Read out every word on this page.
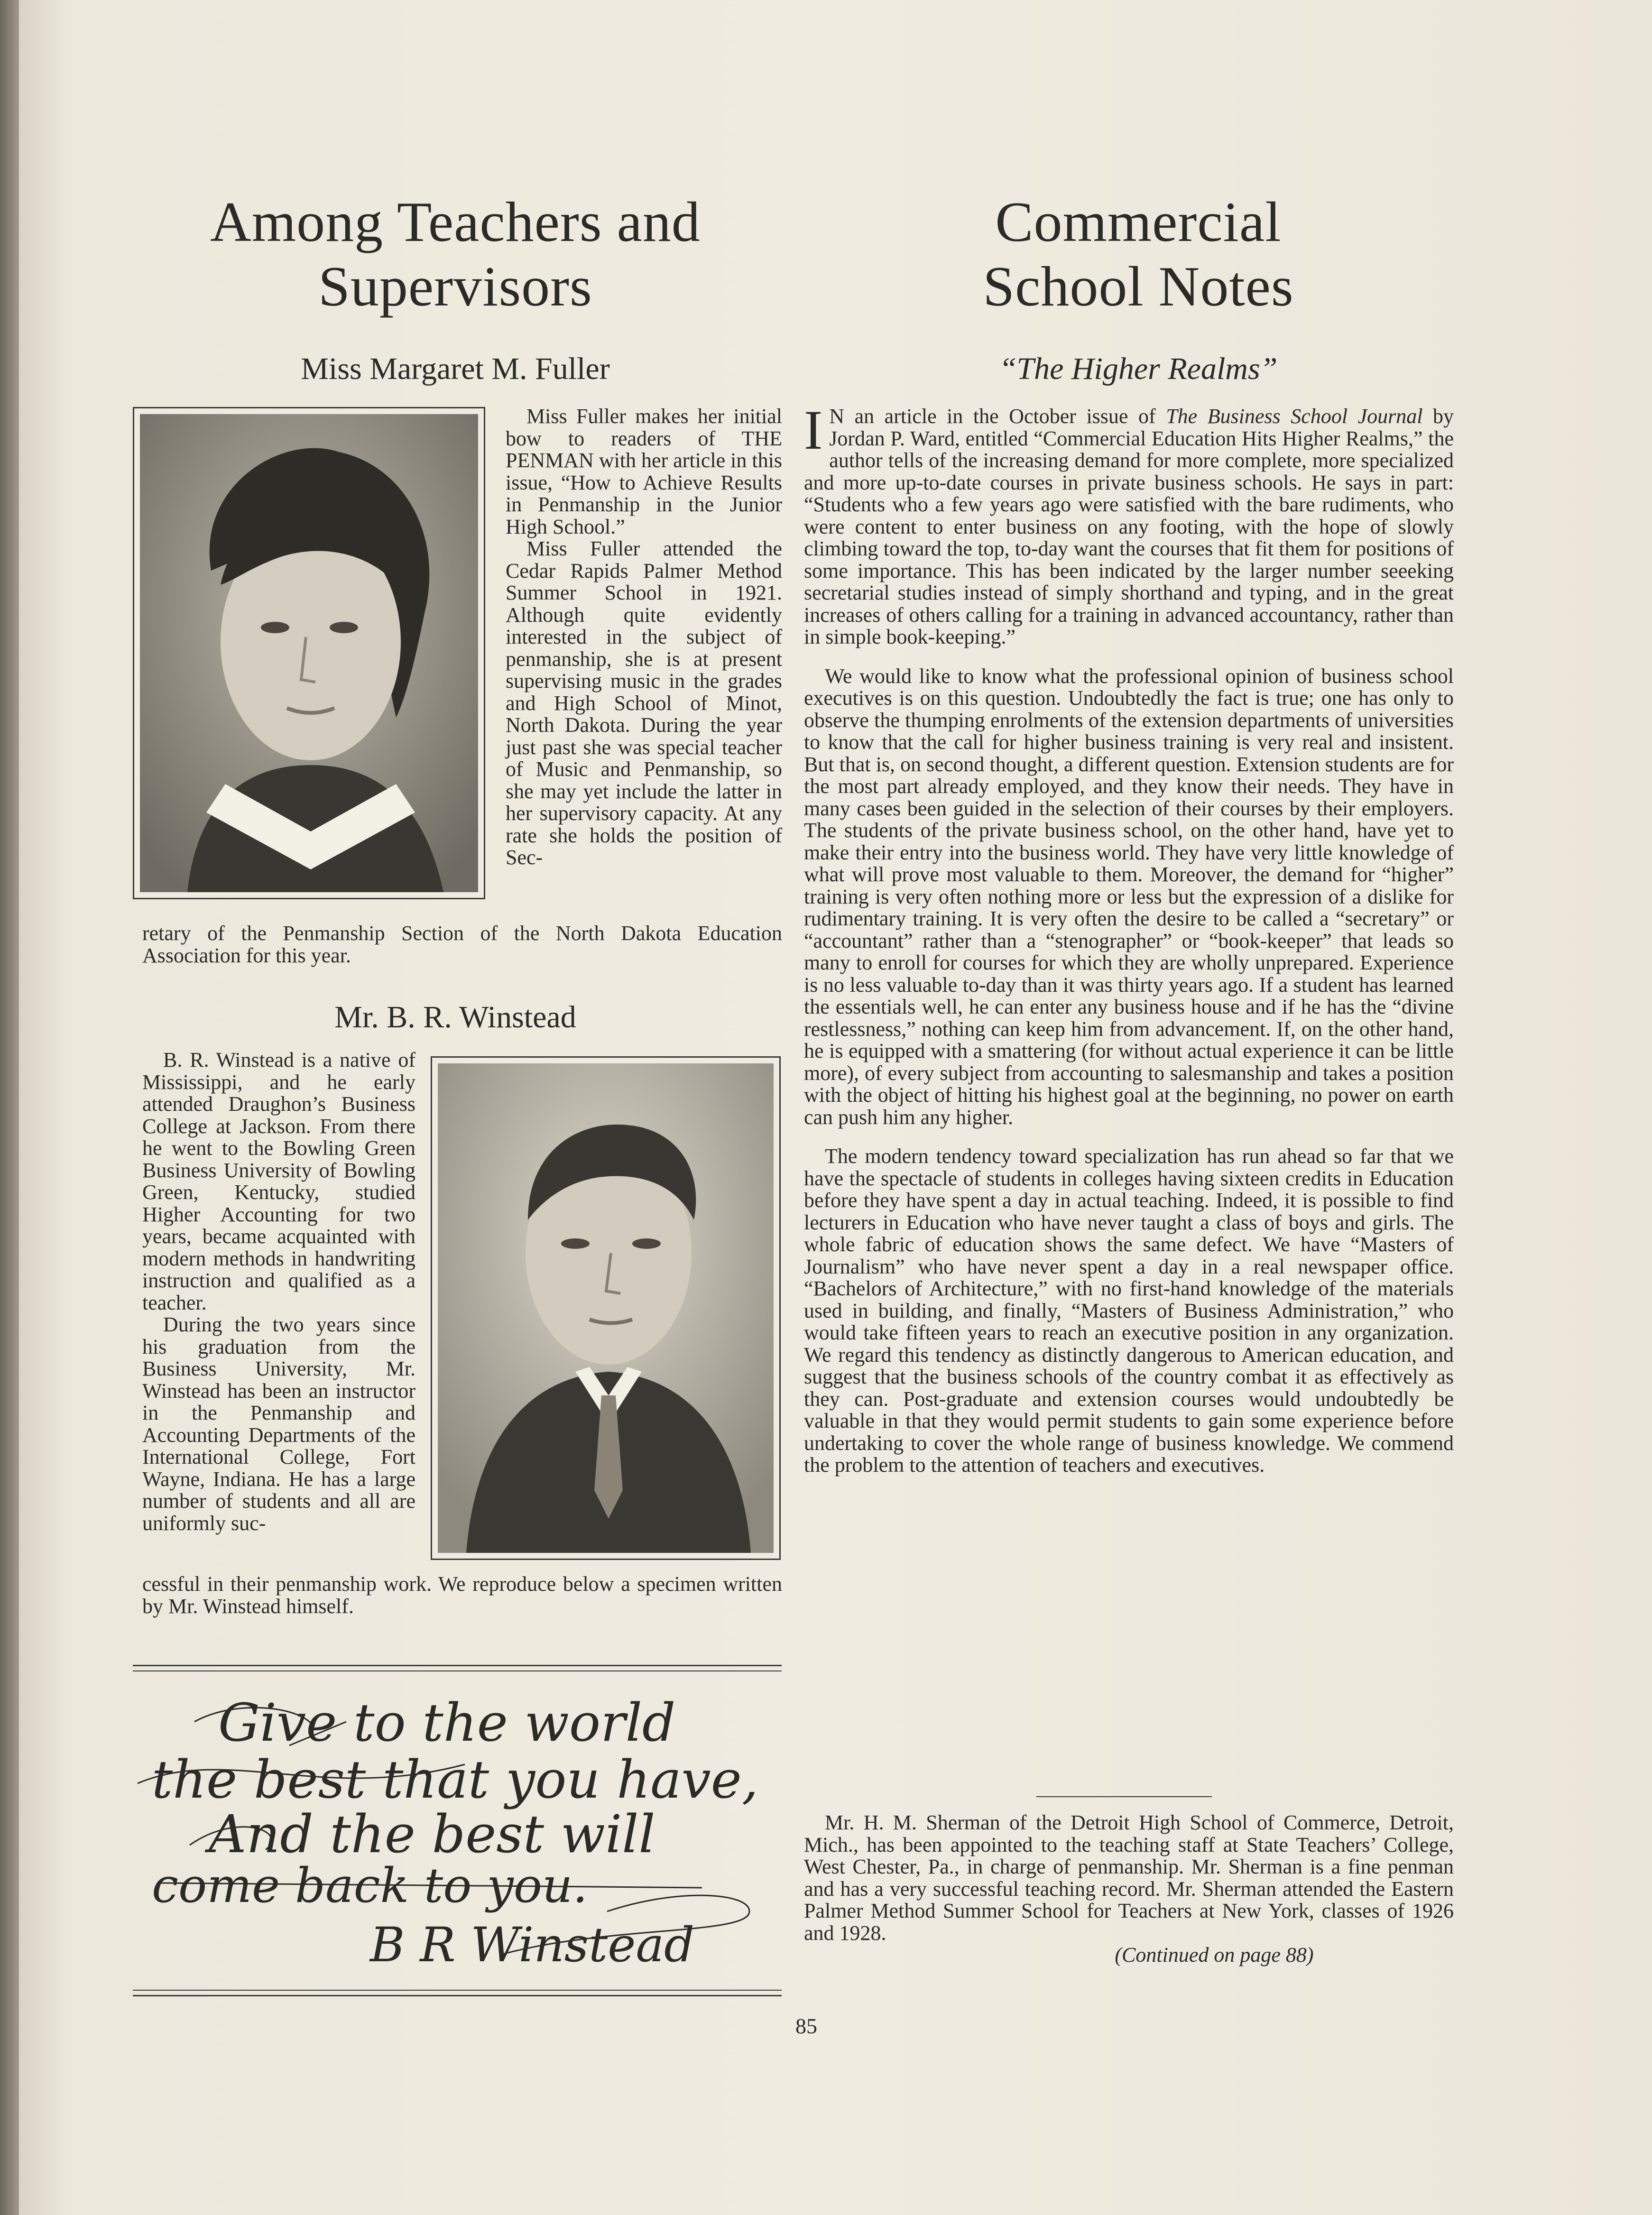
Among Teachers and
Supervisors
Miss Margaret M. Fuller

Miss Fuller makes her initial bow to readers of THE PENMAN with her article in this issue, “How to Achieve Results in Penmanship in the Junior High School.”

Miss Fuller attended the Cedar Rapids Palmer Method Summer School in 1921. Although quite evidently interested in the subject of penmanship, she is at present supervising music in the grades and High School of Minot, North Dakota. During the year just past she was special teacher of Music and Penmanship, so she may yet include the latter in her supervisory capacity. At any rate she holds the position of Sec-

retary of the Penmanship Section of the North Dakota Education Association for this year.

Mr. B. R. Winstead

B. R. Winstead is a native of Mississippi, and he early attended Draughon’s Business College at Jackson. From there he went to the Bowling Green Business University of Bowling Green, Kentucky, studied Higher Accounting for two years, became acquainted with modern methods in handwriting instruction and qualified as a teacher.

During the two years since his graduation from the Business University, Mr. Winstead has been an instructor in the Penmanship and Accounting Departments of the International College, Fort Wayne, Indiana. He has a large number of students and all are uniformly suc-

cessful in their penmanship work. We reproduce below a specimen written by Mr. Winstead himself.

Give to the world
the best that you have,
And the best will
come back to you.
B R Winstead
Commercial
School Notes
“The Higher Realms”

I N an article in the October issue of The Business School Journal by Jordan P. Ward, entitled “Commercial Education Hits Higher Realms,” the author tells of the increasing demand for more complete, more specialized and more up-to-date courses in private business schools. He says in part: “Students who a few years ago were satisfied with the bare rudiments, who were content to enter business on any footing, with the hope of slowly climbing toward the top, to-day want the courses that fit them for positions of some importance. This has been indicated by the larger number seeeking secretarial studies instead of simply shorthand and typing, and in the great increases of others calling for a training in advanced accountancy, rather than in simple book-keeping.”

We would like to know what the professional opinion of business school executives is on this question. Undoubtedly the fact is true; one has only to observe the thumping enrolments of the extension departments of universities to know that the call for higher business training is very real and insistent. But that is, on second thought, a different question. Extension students are for the most part already employed, and they know their needs. They have in many cases been guided in the selection of their courses by their employers. The students of the private business school, on the other hand, have yet to make their entry into the business world. They have very little knowledge of what will prove most valuable to them. Moreover, the demand for “higher” training is very often nothing more or less but the expression of a dislike for rudimentary training. It is very often the desire to be called a “secretary” or “accountant” rather than a “stenographer” or “book-keeper” that leads so many to enroll for courses for which they are wholly unprepared. Experience is no less valuable to-day than it was thirty years ago. If a student has learned the essentials well, he can enter any business house and if he has the “divine restlessness,” nothing can keep him from advancement. If, on the other hand, he is equipped with a smattering (for without actual experience it can be little more), of every subject from accounting to salesmanship and takes a position with the object of hitting his highest goal at the beginning, no power on earth can push him any higher.

The modern tendency toward specialization has run ahead so far that we have the spectacle of students in colleges having sixteen credits in Education before they have spent a day in actual teaching. Indeed, it is possible to find lecturers in Education who have never taught a class of boys and girls. The whole fabric of education shows the same defect. We have “Masters of Journalism” who have never spent a day in a real newspaper office. “Bachelors of Architecture,” with no first-hand knowledge of the materials used in building, and finally, “Masters of Business Administration,” who would take fifteen years to reach an executive position in any organization. We regard this tendency as distinctly dangerous to American education, and suggest that the business schools of the country combat it as effectively as they can. Post-graduate and extension courses would undoubtedly be valuable in that they would permit students to gain some experience before undertaking to cover the whole range of business knowledge. We commend the problem to the attention of teachers and executives.

Mr. H. M. Sherman of the Detroit High School of Commerce, Detroit, Mich., has been appointed to the teaching staff at State Teachers’ College, West Chester, Pa., in charge of penmanship. Mr. Sherman is a fine penman and has a very successful teaching record. Mr. Sherman attended the Eastern Palmer Method Summer School for Teachers at New York, classes of 1926 and 1928.

(Continued on page 88)

85
